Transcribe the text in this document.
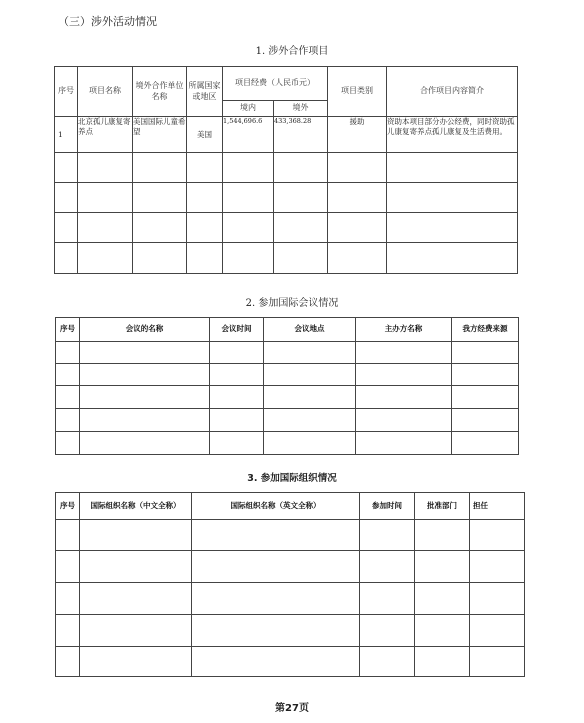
（三）涉外活动情况
1. 涉外合作项目
序号	项目名称	境外合作单位名称	所属国家或地区	项目经费（人民币元）		项目类别	合作项目内容简介
				境内	境外		
1	北京孤儿康复寄养点	美国国际儿童希望	美国	1,544,696.6	433,368.28	援助	资助本项目部分办公经费，同时资助孤儿康复寄养点孤儿康复及生活费用。

2. 参加国际会议情况
序号	会议的名称	会议时间	会议地点	主办方名称	我方经费来源

3. 参加国际组织情况
序号	国际组织名称（中文全称）	国际组织名称（英文全称）	参加时间	批准部门	担任

第27页
